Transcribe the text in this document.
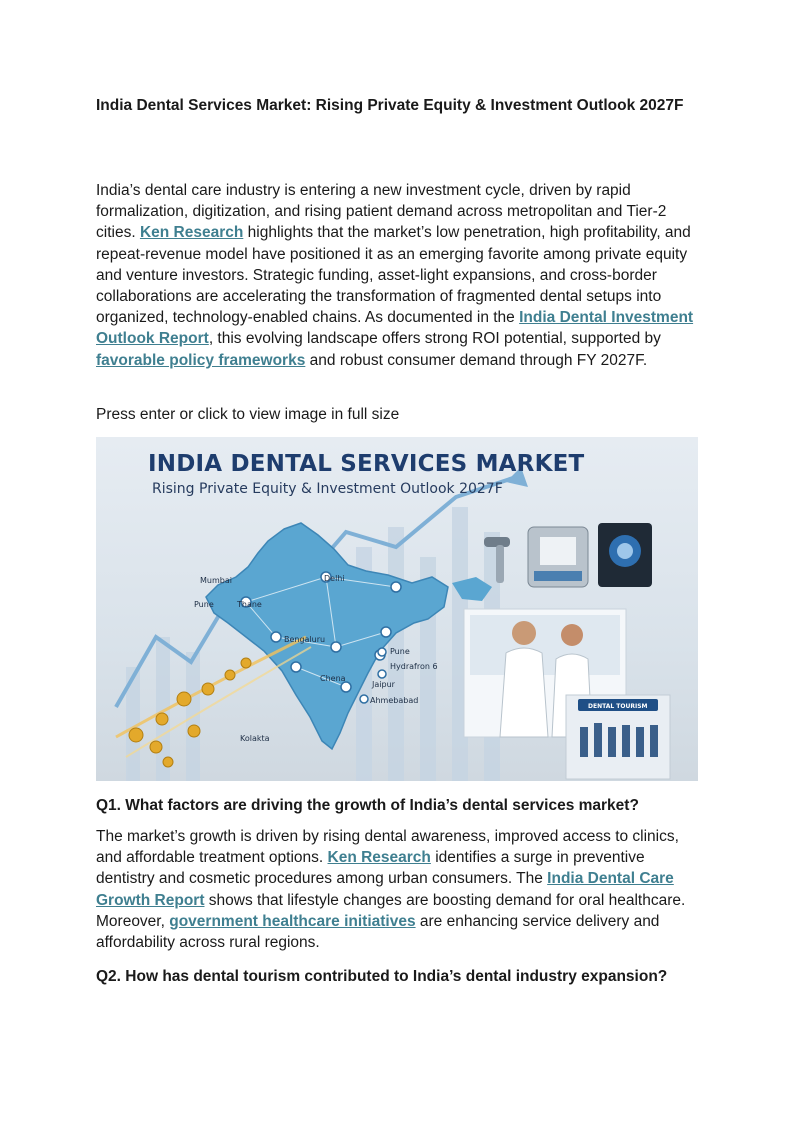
India Dental Services Market: Rising Private Equity & Investment Outlook 2027F

India’s dental care industry is entering a new investment cycle, driven by rapid formalization, digitization, and rising patient demand across metropolitan and Tier-2 cities. Ken Research highlights that the market’s low penetration, high profitability, and repeat-revenue model have positioned it as an emerging favorite among private equity and venture investors. Strategic funding, asset-light expansions, and cross-border collaborations are accelerating the transformation of fragmented dental setups into organized, technology-enabled chains. As documented in the India Dental Investment Outlook Report, this evolving landscape offers strong ROI potential, supported by favorable policy frameworks and robust consumer demand through FY 2027F.

Press enter or click to view image in full size
Mumbai	Delhi
Pune	Thane
Bengaluru
Pune
Hydrafron 6
Chena
Jaipur
Ahmebabad
Kolakta
DENTAL TOURISM
INDIA DENTAL SERVICES MARKET
Rising Private Equity & Investment Outlook 2027F
Q1. What factors are driving the growth of India’s dental services market?

The market’s growth is driven by rising dental awareness, improved access to clinics, and affordable treatment options. Ken Research identifies a surge in preventive dentistry and cosmetic procedures among urban consumers. The India Dental Care Growth Report shows that lifestyle changes are boosting demand for oral healthcare. Moreover, government healthcare initiatives are enhancing service delivery and affordability across rural regions.

Q2. How has dental tourism contributed to India’s dental industry expansion?
